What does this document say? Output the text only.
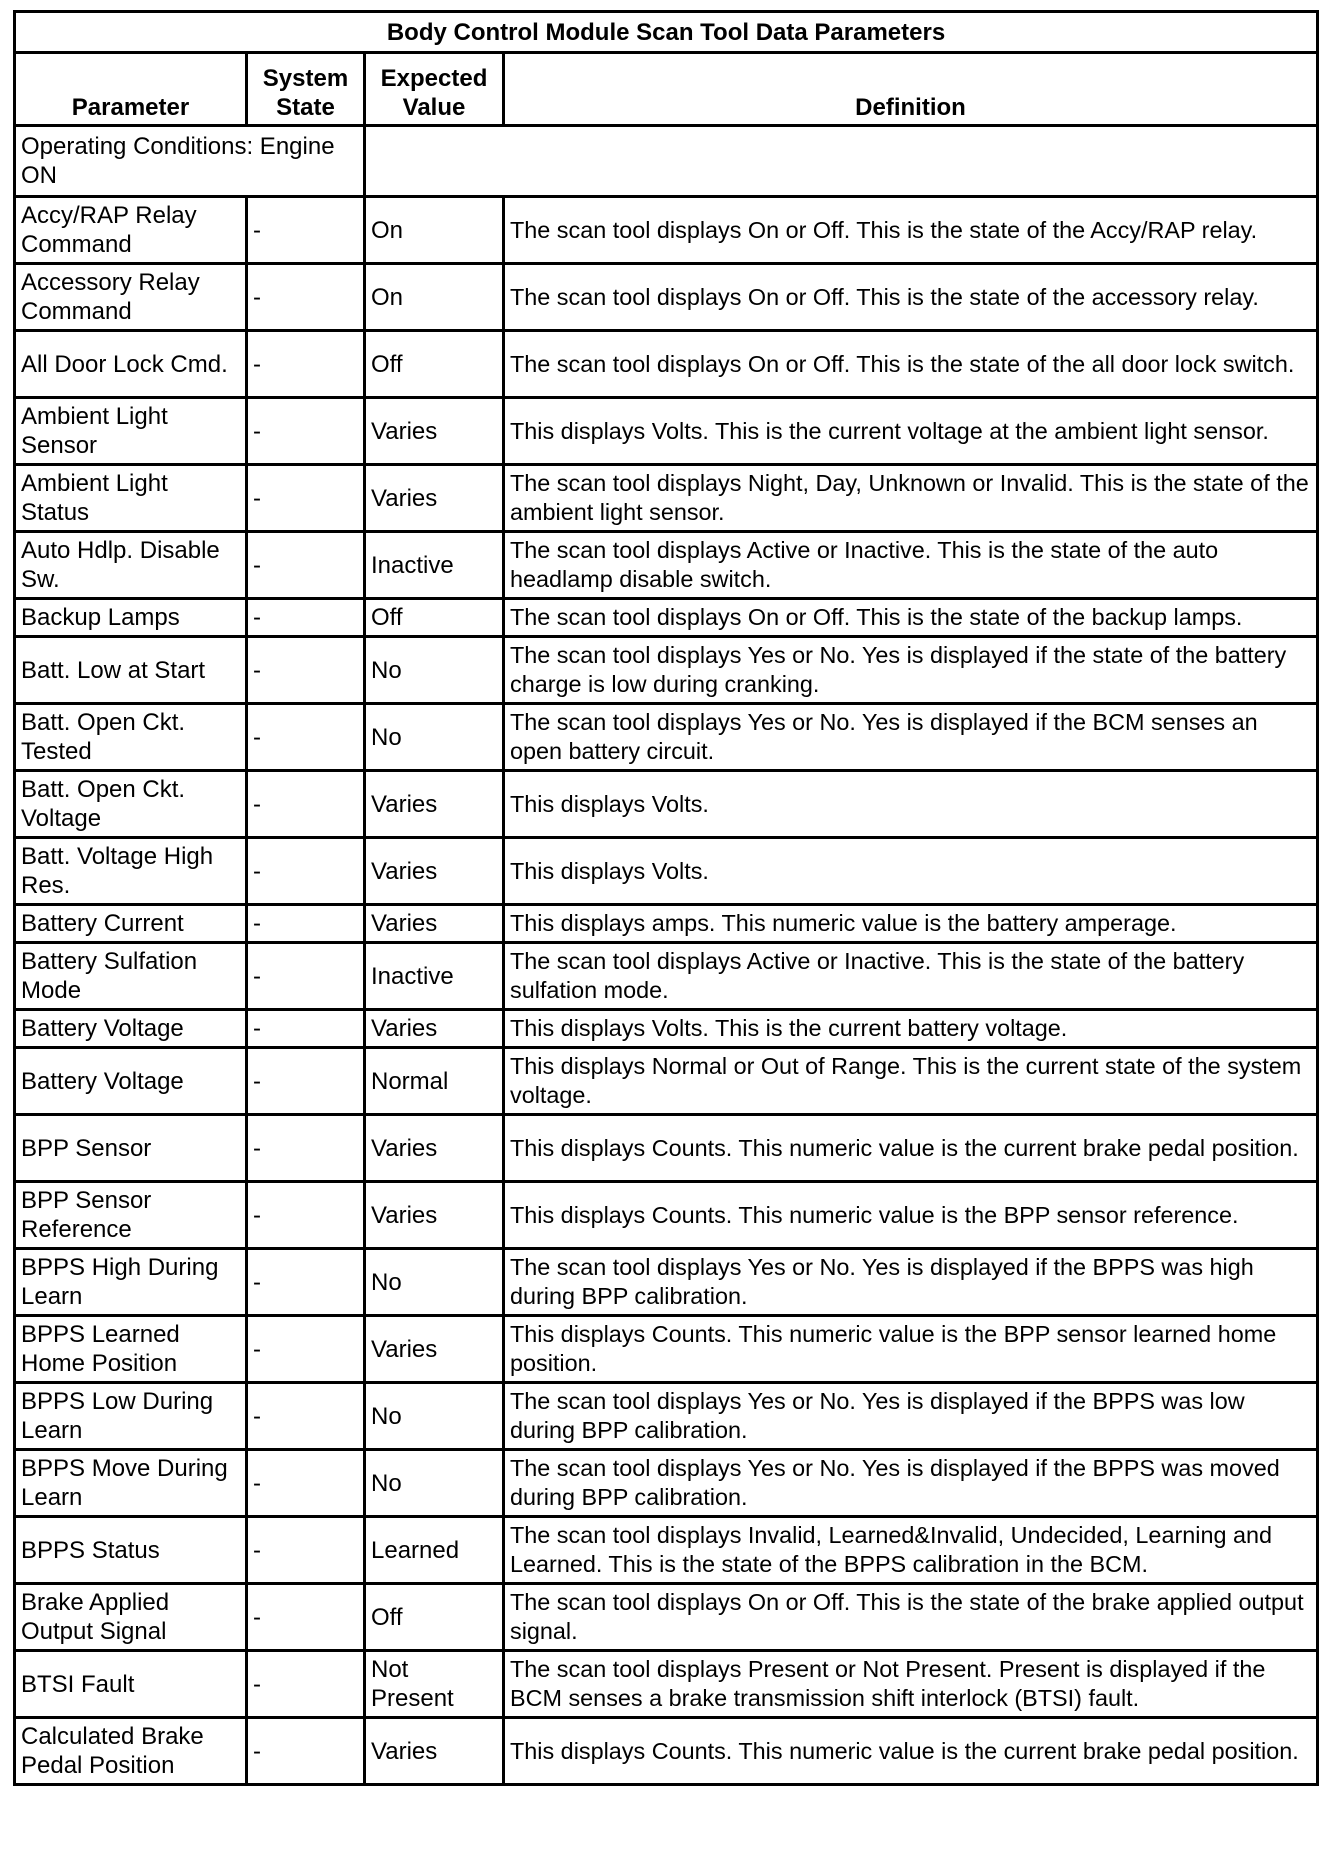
Body Control Module Scan Tool Data Parameters			
Parameter	System State	Expected Value	Definition
Operating Conditions: Engine ON			
Accy/RAP Relay Command	-	On	The scan tool displays On or Off. This is the state of the Accy/RAP relay.
Accessory Relay Command	-	On	The scan tool displays On or Off. This is the state of the accessory relay.
All Door Lock Cmd.	-	Off	The scan tool displays On or Off. This is the state of the all door lock switch.
Ambient Light Sensor	-	Varies	This displays Volts. This is the current voltage at the ambient light sensor.
Ambient Light Status	-	Varies	The scan tool displays Night, Day, Unknown or Invalid. This is the state of the ambient light sensor.
Auto Hdlp. Disable Sw.	-	Inactive	The scan tool displays Active or Inactive. This is the state of the auto headlamp disable switch.
Backup Lamps	-	Off	The scan tool displays On or Off. This is the state of the backup lamps.
Batt. Low at Start	-	No	The scan tool displays Yes or No. Yes is displayed if the state of the battery charge is low during cranking.
Batt. Open Ckt. Tested	-	No	The scan tool displays Yes or No. Yes is displayed if the BCM senses an open battery circuit.
Batt. Open Ckt. Voltage	-	Varies	This displays Volts.
Batt. Voltage High Res.	-	Varies	This displays Volts.
Battery Current	-	Varies	This displays amps. This numeric value is the battery amperage.
Battery Sulfation Mode	-	Inactive	The scan tool displays Active or Inactive. This is the state of the battery sulfation mode.
Battery Voltage	-	Varies	This displays Volts. This is the current battery voltage.
Battery Voltage	-	Normal	This displays Normal or Out of Range. This is the current state of the system voltage.
BPP Sensor	-	Varies	This displays Counts. This numeric value is the current brake pedal position.
BPP Sensor Reference	-	Varies	This displays Counts. This numeric value is the BPP sensor reference.
BPPS High During Learn	-	No	The scan tool displays Yes or No. Yes is displayed if the BPPS was high during BPP calibration.
BPPS Learned Home Position	-	Varies	This displays Counts. This numeric value is the BPP sensor learned home position.
BPPS Low During Learn	-	No	The scan tool displays Yes or No. Yes is displayed if the BPPS was low during BPP calibration.
BPPS Move During Learn	-	No	The scan tool displays Yes or No. Yes is displayed if the BPPS was moved during BPP calibration.
BPPS Status	-	Learned	The scan tool displays Invalid, Learned&Invalid, Undecided, Learning and Learned. This is the state of the BPPS calibration in the BCM.
Brake Applied Output Signal	-	Off	The scan tool displays On or Off. This is the state of the brake applied output signal.
BTSI Fault	-	Not Present	The scan tool displays Present or Not Present. Present is displayed if the BCM senses a brake transmission shift interlock (BTSI) fault.
Calculated Brake Pedal Position	-	Varies	This displays Counts. This numeric value is the current brake pedal position.
